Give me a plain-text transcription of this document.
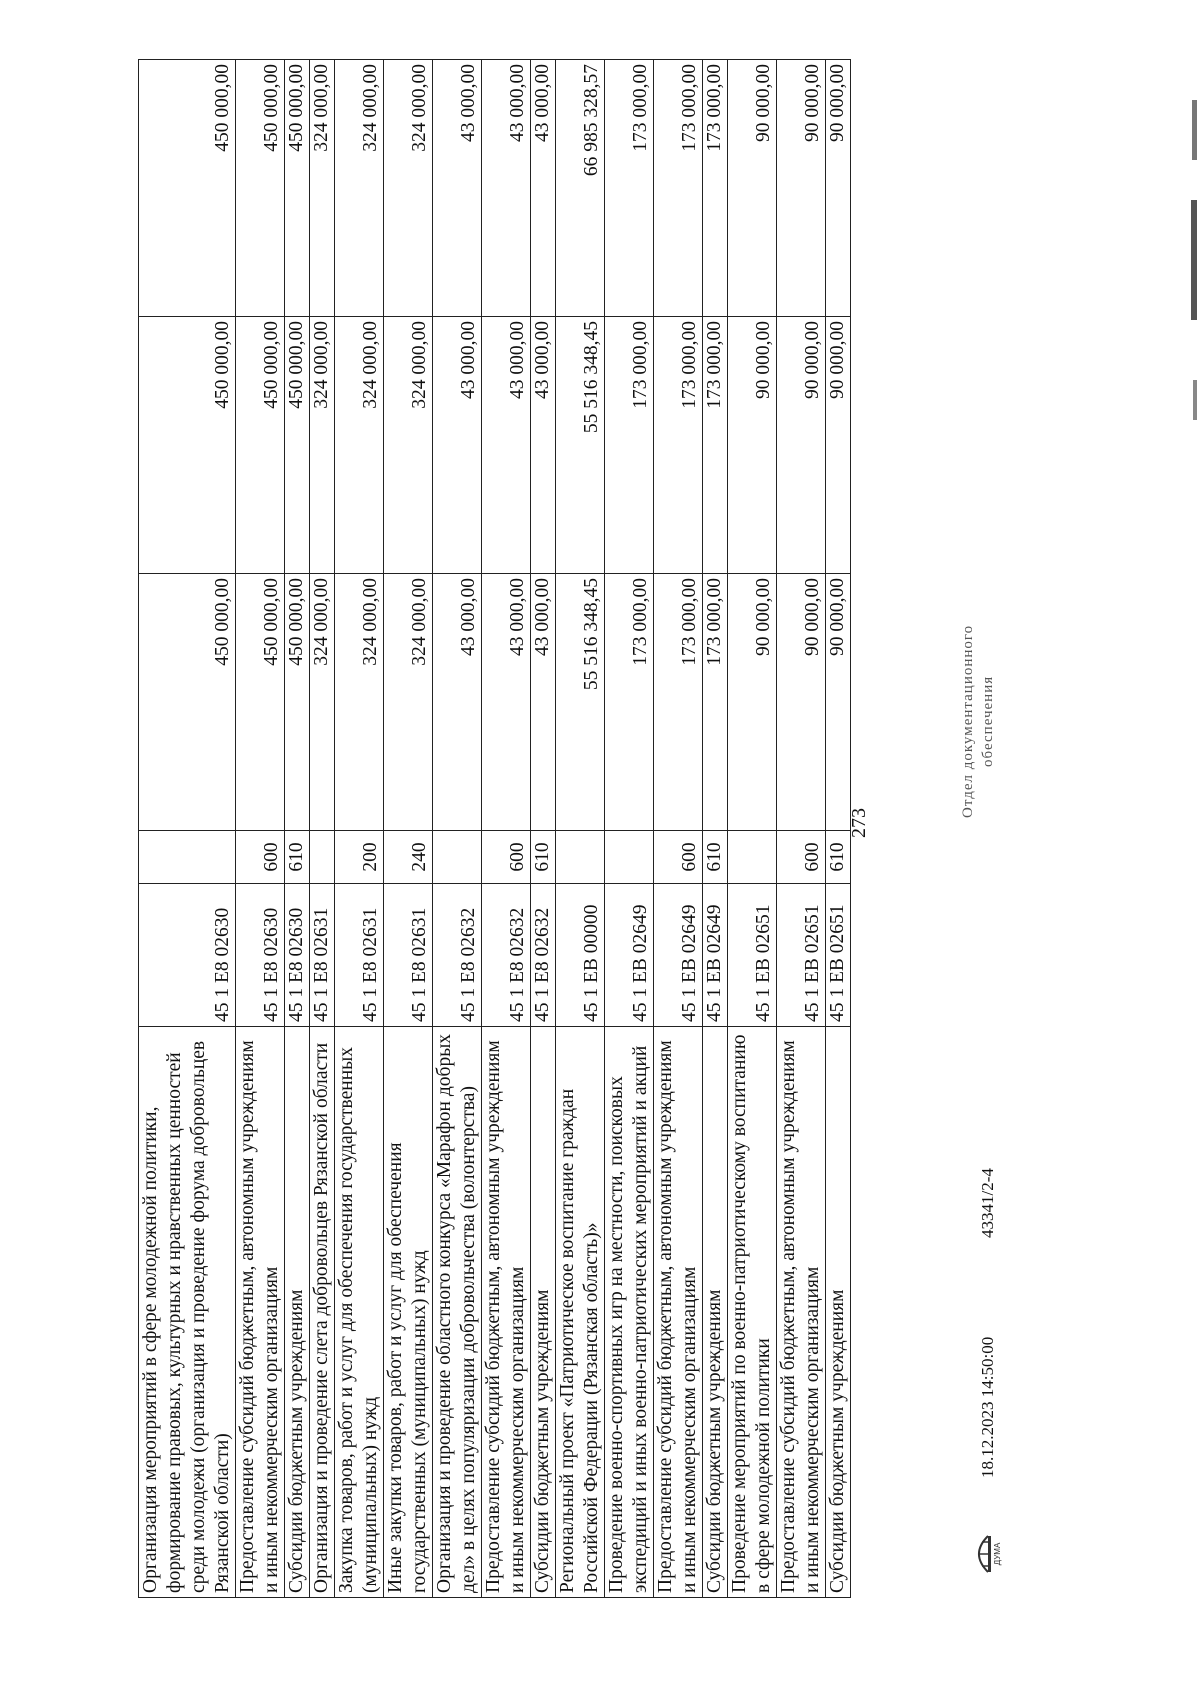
273
Организация мероприятий в сфере молодежной политики, формирование правовых, культурных и нравственных ценностей среди молодежи (организация и проведение форума добровольцев Рязанской области)	45 1 Е8 02630		450 000,00	450 000,00	450 000,00
Предоставление субсидий бюджетным, автономным учреждениям и иным некоммерческим организациям	45 1 Е8 02630	600	450 000,00	450 000,00	450 000,00
Субсидии бюджетным учреждениям	45 1 Е8 02630	610	450 000,00	450 000,00	450 000,00
Организация и проведение слета добровольцев Рязанской области	45 1 Е8 02631		324 000,00	324 000,00	324 000,00
Закупка товаров, работ и услуг для обеспечения государственных (муниципальных) нужд	45 1 Е8 02631	200	324 000,00	324 000,00	324 000,00
Иные закупки товаров, работ и услуг для обеспечения государственных (муниципальных) нужд	45 1 Е8 02631	240	324 000,00	324 000,00	324 000,00
Организация и проведение областного конкурса «Марафон добрых дел» в целях популяризации добровольчества (волонтерства)	45 1 Е8 02632		43 000,00	43 000,00	43 000,00
Предоставление субсидий бюджетным, автономным учреждениям и иным некоммерческим организациям	45 1 Е8 02632	600	43 000,00	43 000,00	43 000,00
Субсидии бюджетным учреждениям	45 1 Е8 02632	610	43 000,00	43 000,00	43 000,00
Региональный проект «Патриотическое воспитание граждан Российской Федерации (Рязанская область)»	45 1 ЕВ 00000		55 516 348,45	55 516 348,45	66 985 328,57
Проведение военно-спортивных игр на местности, поисковых экспедиций и иных военно-патриотических мероприятий и акций	45 1 ЕВ 02649		173 000,00	173 000,00	173 000,00
Предоставление субсидий бюджетным, автономным учреждениям и иным некоммерческим организациям	45 1 ЕВ 02649	600	173 000,00	173 000,00	173 000,00
Субсидии бюджетным учреждениям	45 1 ЕВ 02649	610	173 000,00	173 000,00	173 000,00
Проведение мероприятий по военно-патриотическому воспитанию в сфере молодежной политики	45 1 ЕВ 02651		90 000,00	90 000,00	90 000,00
Предоставление субсидий бюджетным, автономным учреждениям и иным некоммерческим организациям	45 1 ЕВ 02651	600	90 000,00	90 000,00	90 000,00
Субсидии бюджетным учреждениям	45 1 ЕВ 02651	610	90 000,00	90 000,00	90 000,00
ДУМА
18.12.2023 14:50:00
43341/2-4
Отдел документационного обеспечения
